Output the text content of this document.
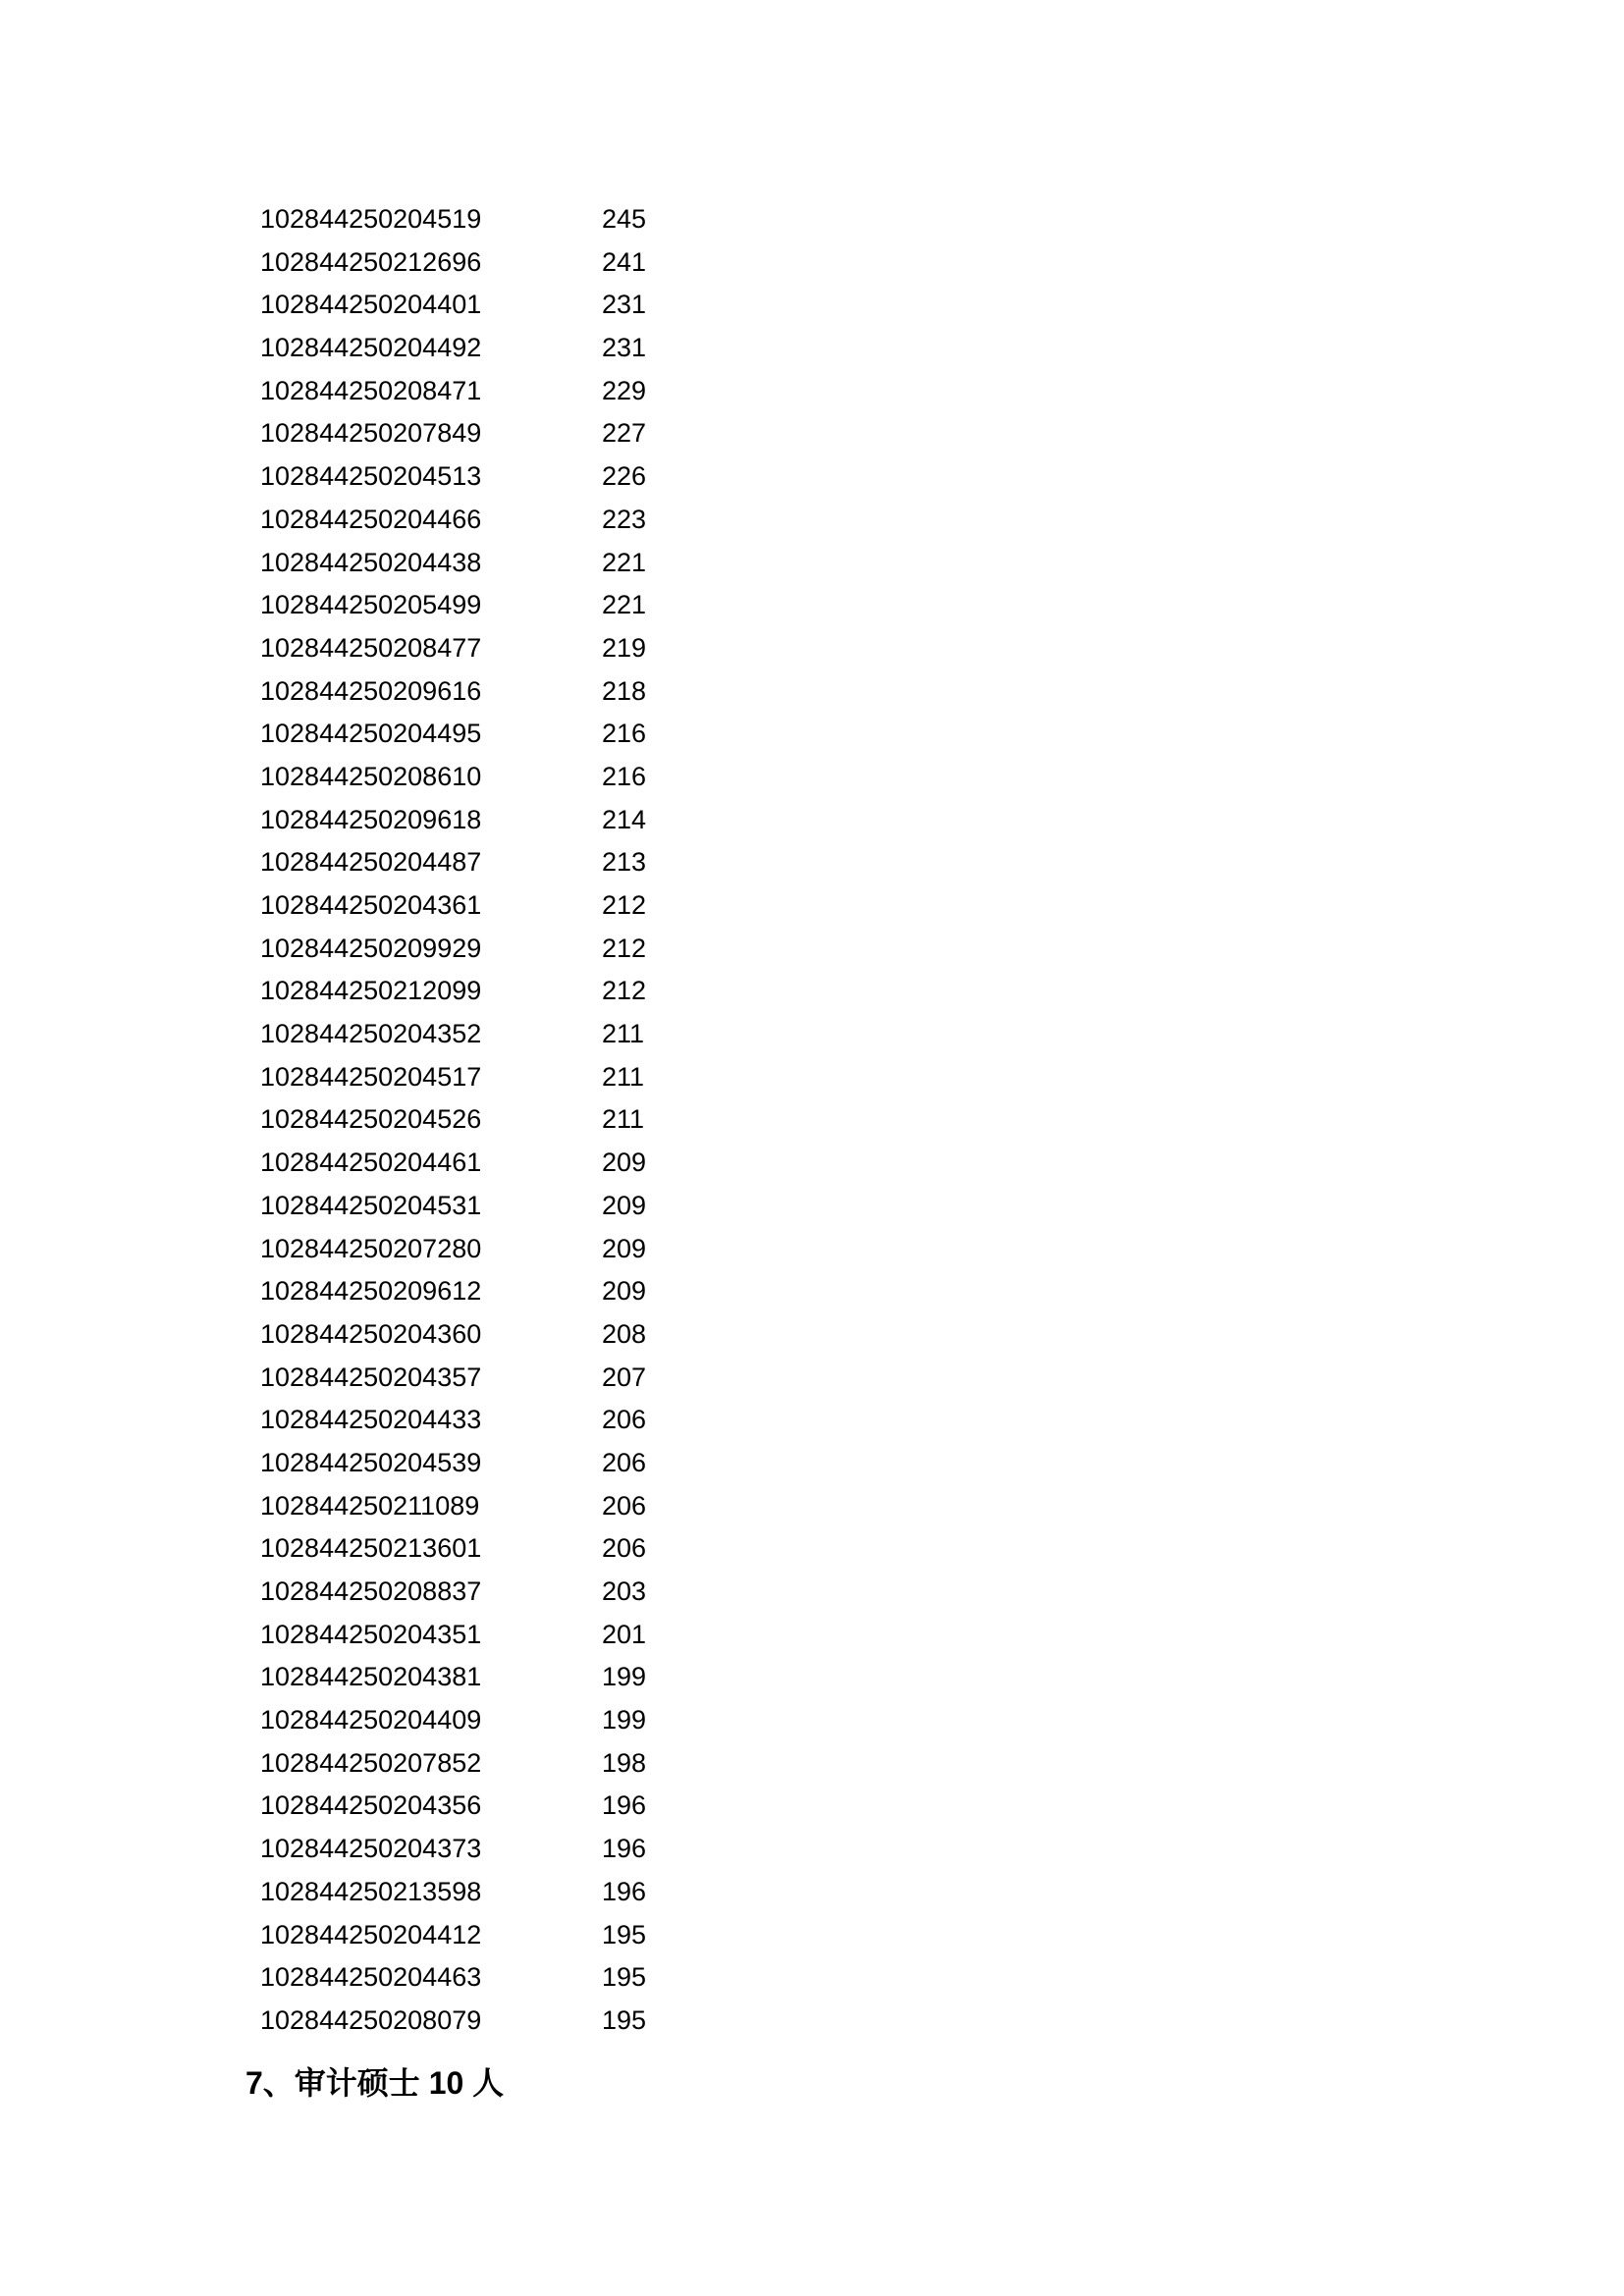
102844250204519	245
102844250212696	241
102844250204401	231
102844250204492	231
102844250208471	229
102844250207849	227
102844250204513	226
102844250204466	223
102844250204438	221
102844250205499	221
102844250208477	219
102844250209616	218
102844250204495	216
102844250208610	216
102844250209618	214
102844250204487	213
102844250204361	212
102844250209929	212
102844250212099	212
102844250204352	211
102844250204517	211
102844250204526	211
102844250204461	209
102844250204531	209
102844250207280	209
102844250209612	209
102844250204360	208
102844250204357	207
102844250204433	206
102844250204539	206
102844250211089	206
102844250213601	206
102844250208837	203
102844250204351	201
102844250204381	199
102844250204409	199
102844250207852	198
102844250204356	196
102844250204373	196
102844250213598	196
102844250204412	195
102844250204463	195
102844250208079	195
7、审计硕士 10 人
